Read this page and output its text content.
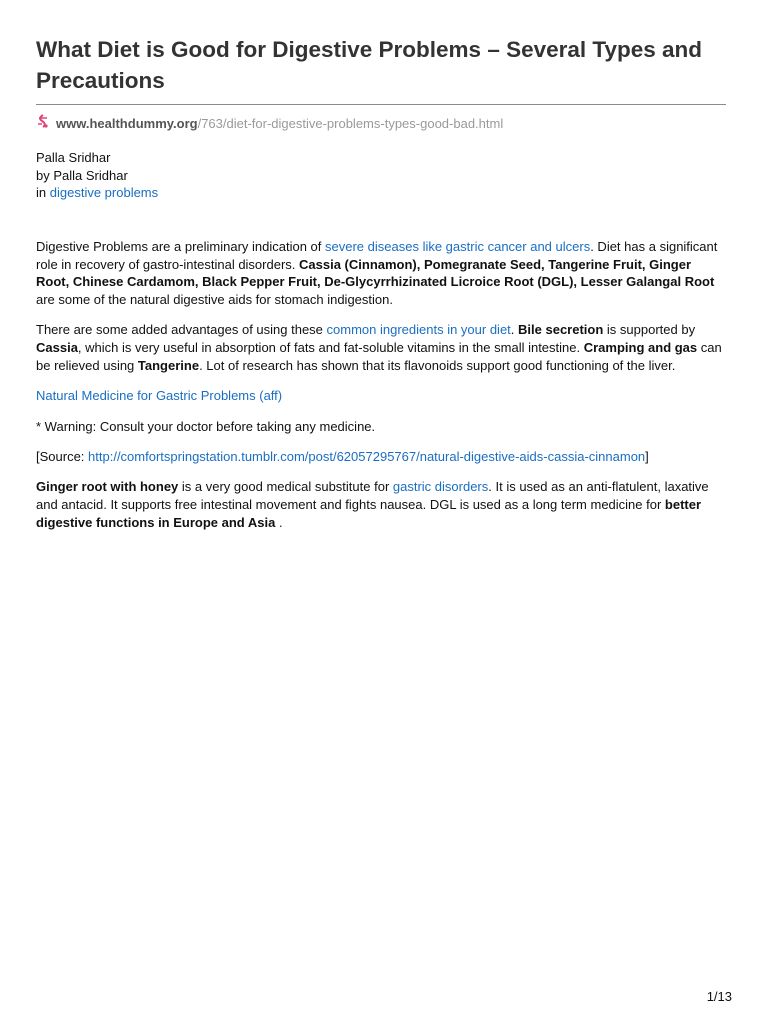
What Diet is Good for Digestive Problems – Several Types and Precautions
www.healthdummy.org /763/diet-for-digestive-problems-types-good-bad.html
Palla Sridhar
by Palla Sridhar
in digestive problems

Digestive Problems are a preliminary indication of severe diseases like gastric cancer and ulcers. Diet has a significant role in recovery of gastro-intestinal disorders. Cassia (Cinnamon), Pomegranate Seed, Tangerine Fruit, Ginger Root, Chinese Cardamom, Black Pepper Fruit, De-Glycyrrhizinated Licroice Root (DGL), Lesser Galangal Root are some of the natural digestive aids for stomach indigestion.

There are some added advantages of using these common ingredients in your diet. Bile secretion is supported by Cassia, which is very useful in absorption of fats and fat-soluble vitamins in the small intestine. Cramping and gas can be relieved using Tangerine. Lot of research has shown that its flavonoids support good functioning of the liver.

Natural Medicine for Gastric Problems (aff)

* Warning: Consult your doctor before taking any medicine.

[Source: http://comfortspringstation.tumblr.com/post/62057295767/natural-digestive-aids-cassia-cinnamon]

Ginger root with honey is a very good medical substitute for gastric disorders. It is used as an anti-flatulent, laxative and antacid. It supports free intestinal movement and fights nausea. DGL is used as a long term medicine for better digestive functions in Europe and Asia .

1/13
